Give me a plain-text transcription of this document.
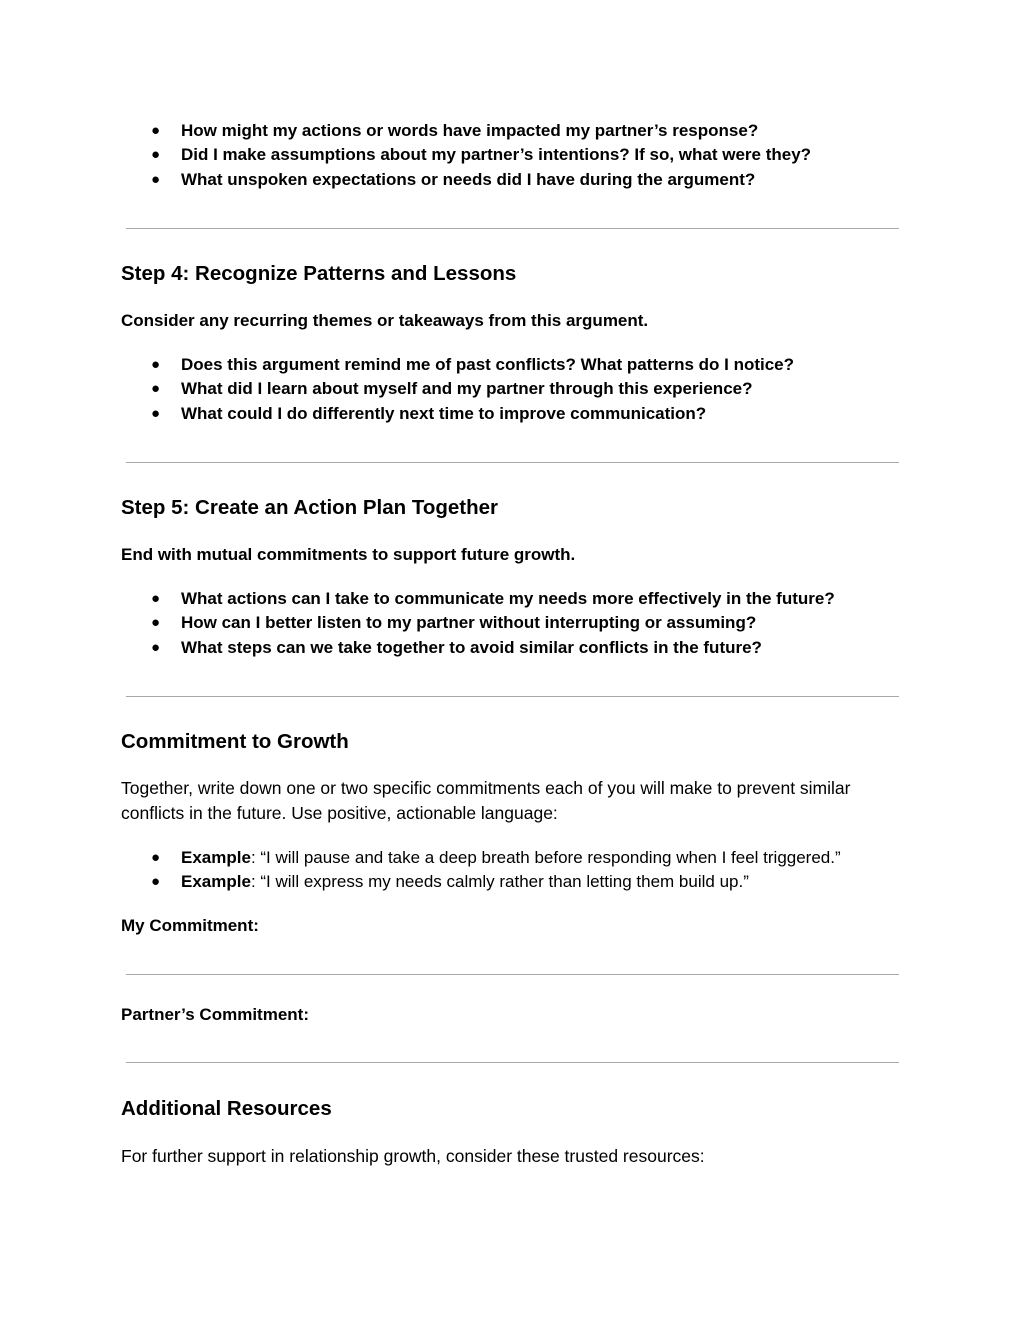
● How might my actions or words have impacted my partner’s response?
● Did I make assumptions about my partner’s intentions? If so, what were they?
● What unspoken expectations or needs did I have during the argument?
Step 4: Recognize Patterns and Lessons
Consider any recurring themes or takeaways from this argument.
● Does this argument remind me of past conflicts? What patterns do I notice?
● What did I learn about myself and my partner through this experience?
● What could I do differently next time to improve communication?
Step 5: Create an Action Plan Together
End with mutual commitments to support future growth.
● What actions can I take to communicate my needs more effectively in the future?
● How can I better listen to my partner without interrupting or assuming?
● What steps can we take together to avoid similar conflicts in the future?
Commitment to Growth
Together, write down one or two specific commitments each of you will make to prevent similar conflicts in the future. Use positive, actionable language:
● Example: “I will pause and take a deep breath before responding when I feel triggered.”
● Example: “I will express my needs calmly rather than letting them build up.”
My Commitment:
Partner’s Commitment:
Additional Resources
For further support in relationship growth, consider these trusted resources:
